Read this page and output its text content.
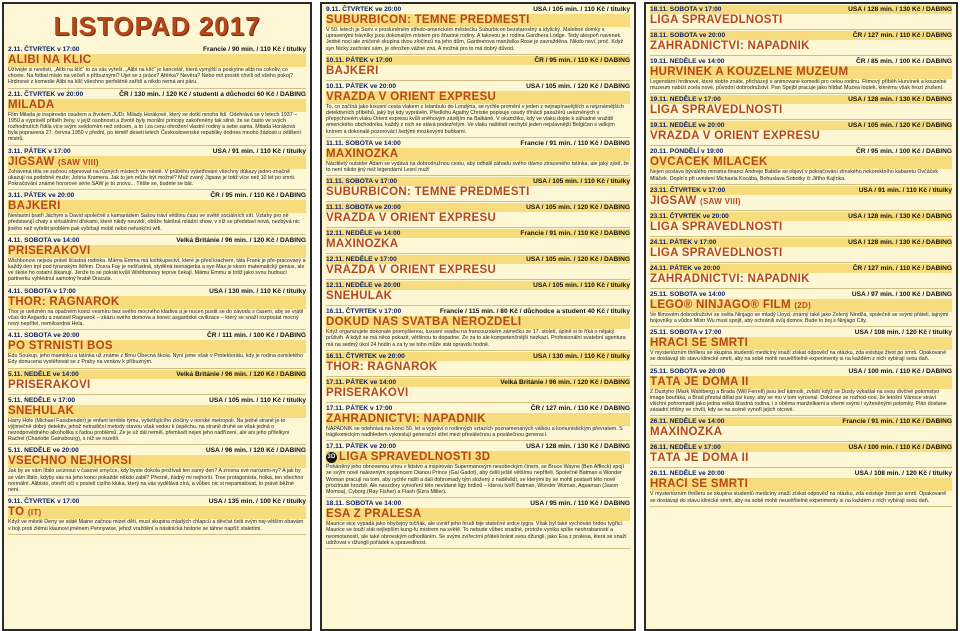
LISTOPAD 2017
2.11. ČTVRTEK v 17:00	Francie / 90 min. / 110 Kč / titulky
ALIBI NA KLÍČ
Užívejte si nevěstí, „Alibi na klíč“ to za vás vyřeší. „Alibi na klíč“ je kancelář, která vymýšlí a poskytne alibi na cokoliv, co chcete. Na fotbal místo na večeři s příbuznými? Ujet se z práce? Aférka? Nevěra? Nebo mít prostě chvíli od všeho pokoj? Hrdinové z komedie Alibi na klíč všechno perfektně zařídí a nikdo nemá ani páru.
2.11. ČTVRTEK ve 20:00	ČR / 130 min. / 120 Kč / studenti a důchodci 60 Kč / DABING
MILADA
Film Milada je inspirován osudem a životem JUDr. Milady Horákové, který se dotkl mnoha lidí. Odehrává se v letech 1937 – 1950 a vyprávěl příběh ženy, v jejíž osobnosti a životě byly morální principy zakořeněny tak silně, že se často ve svých rozhodnutích řídila více svým svědomím než srdcem, a to i za cenu ohrožení vlastní rodiny a sebe sama. Milada Horáková byla popravena 27. června 1950 v přední, po téměř deseti letech Československé republiky dodnes mnoho žádosti u odlišení mistrů.
3.11. PÁTEK v 17:00	USA / 91 min. / 110 Kč / titulky
JIGSAW (SAW VIII)
Zohavená těla se začnou objevovat na různých místech ve městě. V průběhu vyšetřování všechny důkazy jedno-značně ukazují na podobně muže: Johna Kramera. Jak to jen může být možné? Muž zvaný Jigsaw je totiž více než 10 let po smrti. Pokračování známé hororové série SAW je tu znovu... Těšte se, budete se bát.
3.11. PÁTEK ve 20:00	ČR / 95 min. / 110 Kč / DABING
BAJKEŘI
Nevlastní bratři Jáchym a David společně s kamarádem Sašou tráví většinu času ve světě sociálních sítí. Vztahy pro ně představují chaty s virtuálními dívkami, které nikdy neuvidí, obtíže falešná mládní show, v níž se představí nová, nezbývá nic jiného než vyřešit problém pak vybíhají mobil nebo nefunkční wifi.
4.11. SOBOTA ve 14:00	Velká Británie / 96 min. / 120 Kč / DABING
PŘÍŠERÁKOVI
Wishbonovi nejsou právě šťastná rodinka. Máma Emma má knihkupectví, které je před krachem, táta Frank je pře-pracovaný a každý den trpí pod tyranským šéfem. Dcera Fay je nešťastná, styděná teenagerka a syn Max je skoro matematický genius, ale ve škole ho ostatní šikanují. Jenže to se pokrát kvůli Wishbonovy teprve čekají. Mámu Emmu si totiž jako svou budoucí partnerku vyhlédnul samotný hrabě Dracula.
4.11. SOBOTA v 17:00	USA / 130 min. / 110 Kč / titulky
THOR: RAGNAROK
Thor je uvězněn na opačném konci vesmíru bez svého mocného kladiva a je nucen pustit se do závodu s časem, aby se vrátil včas do Asgardu a zastavil Ragnarok – zkázu svého domova a konec asgardské civilizace – který se snaží rozpoutat mocný nový nepřítel, nemilosrdná Hela.
4.11. SOBOTA ve 20:00	ČR / 111 min. / 100 Kč / DABING
PO STRNIŠTI BOS
Edu Soukup, jeho maminku a tatínka už známe z filmu Obecná škola. Nyní jsme však v Protektorátu, kdy je rodina osmiletého Edy donucena vystěhovat se z Prahy na venkov k příbuzným.
5.11. NEDĚLE ve 14:00	Velká Británie / 96 min. / 120 Kč / DABING
PŘÍŠERÁKOVI
5.11. NEDĚLE v 17:00	USA / 105 min. / 110 Kč / titulky
SNĚHULÁK
Harry Hole (Michael Fassbender) je enfant terrible týmu, vyšetřujícího zločiny v norské metropoli. Na jedné straně je to výjimečně dobrý detektiv, jehož netradiční metody stavou však vedou k úspěchu, na straně druhé se však jedná o nezodpovědného alkoholika s řadou problémů. Ze je už dál neměl, přemluvit nejen jeho nadřízení, ale ani jeho přítelkyni Rachel (Charlotte Gainsbourg), s níž se rozešli.
5.11. NEDĚLE ve 20:00	USA / 96 min. / 120 Kč / DABING
VŠECHNO NEJHORŠÍ
Jak by se vám líbilo uvíznout v časové smyčce, kdy byste dokola prožívali ten samý den? A zrovna své narozeni-ny? A jak by se vám líbilo, kdyby vás na jeho konci pokaždé někdo zabil? Přesně, žádný mi nejhorší. Tree protagonista, holka, ten všechno normální. Alibisto, otevřít oči v postelí cizího kluka, který na vás vydělává zírá, a vůbec nic si nepamatovat, to právě běžné není.
9.11. ČTVRTEK v 17:00	USA / 135 min. / 100 Kč / titulky
TO (IT)
Když ve městě Derry ve státě Maine začnou mizet děti, musí skupina mladých chlapců a děvčat čelit svým nej-větším obavám v boji proti zlému klaunovi jménem Pennywise, jehož vraždění a násilnická historie se táhne napříč staletími.
9.11. ČTVRTEK ve 20:00	USA / 105 min. / 110 Kč / titulky
SUBURBICON: TEMNÉ PŘEDMĚSTÍ
V 50. letech je Suriv v prosluněném středo-americkém městečku Suburbicon bezstarostný a idylický. Malebné domky s upravenými trávníky jsou dokonalým místem pro šťastné rodiny. A takovou je i rodina Gardnera Lodge. Tedy alespoň navenek. Jedné noci ale zničeně skupina dvou zločinců na jeho dům, Gardnerova manželka Rose je zavražděna. Nikdo neví, proč. Když syn Nicky zachrání sám, je ohrožen vážné zná. A možná pro to má dobrý důvod.
10.11. PÁTEK v 17:00	ČR / 95 min. / 110 Kč / DABING
BAJKEŘI
10.11. PÁTEK ve 20:00	USA / 105 min. / 120 Kč / DABING
VRAŽDA V ORIENT EXPRESU
To, co začíná jako luxusní cesta vlakem z Istanbulu do Londýna, se rychle promění v jeden z nejnapínavějších a nejznámějších detektivních příběhů, jaký byl kdy vyprávěn. Předlohu Agathy Christie popisuje osudy třinácti pasažérů uvězněných v přepychovém vlaku Orient expresu kvůli sněhovým závějím na Balkáně. V okamžiku, kdy ve vlaku dojde k záhadné vraždě amerického obchodníka, každý z nich se stává podezřelým. Ve vlaku naštěstí nechybí jeden nejslavnější Belgičan s velkým knírem a dokonalé pozorovácí šedými mozkovými buňkami.
11.11. SOBOTA ve 14:00	Francie / 91 min. / 110 Kč / DABING
MAXINOŽKA
Nácitiletý outsider Adam se vydává na dobrodružnou cestu, aby odhalil záhadu svého dávno ztraceného tatínka, ale jaký zjistí, že to není nikdo jiný než legendární Lesní muž!
11.11. SOBOTA v 17:00	USA / 105 min. / 110 Kč / titulky
SUBURBICON: TEMNÉ PŘEDMĚSTÍ
11.11. SOBOTA ve 20:00	USA / 105 min. / 120 Kč / DABING
VRAŽDA V ORIENT EXPRESU
12.11. NEDĚLE ve 14:00	Francie / 91 min. / 110 Kč / DABING
MAXINOŽKA
12.11. NEDĚLE v 17:00	USA / 105 min. / 120 Kč / DABING
VRAŽDA V ORIENT EXPRESU
12.11. NEDĚLE ve 20:00	USA / 105 min. / 110 Kč / titulky
SNĚHULÁK
16.11. ČTVRTEK v 17:00	Francie / 115 min. / 80 Kč / důchodce a student 40 Kč / titulky
DOKUD NÁS SVATBA NEROZDĚLÍ
Když organizujete dokonale promyšlenou, luxusní svatbu na francouzském zámečku ze 17. století, úplně si to říká o nějaký průšvih. A když se má něco pokazit, většinou to dopadne. Ze za to ale kompetenčnější nezkazí. Profesionální svatební agentura má na sedmý úkol 24 hodin a za ty se toho může stát opravdu hodně.
16.11. ČTVRTEK ve 20:00	USA / 130 min. / 110 Kč / titulky
THOR: RAGNAROK
17.11. PÁTEK ve 14:00	Velká Británie / 96 min. / 120 Kč / DABING
PŘÍŠERÁKOVI
17.11. PÁTEK v 17:00	ČR / 127 min. / 110 Kč / DABING
ZAHRADNICTVÍ: NÁPADNÍK
NÁPADNÍK se odehrává na konci 50. let a vypráví o rodinných vztazích poznamenaných válkou a komunistickým převratem. S tragikomickým nadhledem vykreslují generační střet mezi převálečnou a poválečnou generací.
17.11. PÁTEK ve 20:00	USA / 128 min. / 130 Kč / DABING
3D LIGA SPRAVEDLNOSTI 3D
Poháněný jeho obnovenou vírou v lidstvo a inspirován Supermanovým nesobeckým činem, se Bruce Wayne (Ben Affleck) spojí se svým nově nalezeným spojencem Dianou Prince (Gal Gadot), aby čelili ještě většímu nepříteli. Společně Batman a Wonder Woman pracují na tom, aby rychle našli a dali dohromady tým složený z naděvlidí, se kterými by se mohli postavit této nově procitnuté hrozbě. Ale navzdory vytvoření této nevídané ligy hrdinů – kterou tvoří Batman, Wonder Woman, Aquaman (Jason Momoa), Cyborg (Ray Fisher) a Flash (Ezra Miller).
18.11. SOBOTA ve 14:00	USA / 95 min. / 110 Kč / DABING
ESA Z PRALESA
Maurice sice vypadá jako obyčejný tučňák, ale uvnitř jeho hrudi bije statečné srdce tygra. Však byl také vychován hrdou tygřicí. Maurice se touží stát nejlepším kung-fu mistrem na světě. To nebude vůbec snadné, protože vynika spíše neohrabaností a neomotaností, ale také obrovským odhodláním. Se svými zvířecími přáteli bránit svou džungli, jako Esa z pralesa, která se snaží udržovat v džungli pořádek a spravedlnost.
18.11. SOBOTA v 17:00	USA / 128 min. / 130 Kč / DABING
LIGA SPRAVEDLNOSTI
18.11. SOBOTA ve 20:00	ČR / 127 min. / 110 Kč / DABING
ZAHRADNICTVÍ: NÁPADNÍK
19.11. NEDĚLE ve 14:00	ČR / 85 min. / 100 Kč / DABING
HURVÍNEK A KOUZELNÉ MUZEUM
Legendární hrdinové, které dobře znáte, přicházejí s animované komedii pro celou rodinu. Filmový příběh Hurvínek a kouzelné muzeum nabízí zcela nové, původní dobrodružství. Pan Spejbl pracuje jako hlídač Muzea loutek, kterému však hrozí zrušení.
19.11. NEDĚLE v 17:00	USA / 128 min. / 130 Kč / DABING
LIGA SPRAVEDLNOSTI
19.11. NEDĚLE ve 20:00	USA / 105 min. / 120 Kč / DABING
VRAŽDA V ORIENT EXPRESU
20.11. PONDĚLÍ v 19:00	ČR / 95 min. / 100 Kč / DABING
OVČÁČEK MILÁČEK
Nejen postava bývalého ministra financí Andreje Babiše se objeví v pokračování zlínského nekorektního kabaretu Ovčáček Mláček. Dopln's při uvedení Michaela Kocába, Bohuslava Sobotky či Jiřího Kajínka.
23.11. ČTVRTEK v 17:00	USA / 91 min. / 110 Kč / titulky
JIGSAW (SAW VIII)
23.11. ČTVRTEK ve 20:00	USA / 128 min. / 130 Kč / DABING
LIGA SPRAVEDLNOSTI
24.11. PÁTEK v 17:00	USA / 128 min. / 130 Kč / DABING
LIGA SPRAVEDLNOSTI
24.11. PÁTEK ve 20:00	ČR / 127 min. / 110 Kč / DABING
ZAHRADNICTVÍ: NÁPADNÍK
25.11. SOBOTA ve 14:00	USA / 97 min. / 100 Kč / DABING
LEGO® NINJAGO® FILM (2D)
Ve filmovém dobrodružství se světa Ninjago se mladý Lloyd, známý také jako Zelený Nindža, společně se svými přáteli, tajnými bojovníky a vůdce Mistr Wu musí spojit, aby ochránili svůj domov. Bude to boj s Ninjago City.
25.11. SOBOTA v 17:00	USA / 108 min. / 120 Kč / titulky
HRÁČI SE SMRTÍ
V mysteriózním thrilleru se skupina studentů medicíny snaží získat odpověď na otázku, zda existuje život po smrti. Opakovaně se dostávají do stavu klinické smrti, aby na sobě mohli neuvěřitelně experimenty si na každém z nich vybírají svou daň.
25.11. SOBOTA ve 20:00	USA / 100 min. / 110 Kč / DABING
TÁTA JE DOMA II
Z Dustyho (Mark Wahlberg) a Brada (Will Ferrell) jsou teď kámoši, zvlášť když se Dusty vykašlal na svou dívčivé potomstvo image bouřáka, a Brad přestal dělat psí kusy, aby se mu v tom vyrovnal. Dokonce se rozhod-nou, že letošní Vánoce stráví všichni pohromadě jako jedna velká šťastná rodina, i s oběma manželkami a všemi svými i vyženěnými potomky. Plán dostane zásadní trhliny ve chvíli, kdy se na scéně vynoří jejich otcové.
26.11. NEDĚLE ve 14:00	Francie / 91 min. / 110 Kč / DABING
MAXINOŽKA
26.11. NEDĚLE v 17:00	USA / 100 min. / 110 Kč / DABING
TÁTA JE DOMA II
26.11. NEDĚLE ve 20:00	USA / 108 min. / 120 Kč / titulky
HRÁČI SE SMRTÍ
V mysteriózním thrilleru se skupina studentů medicíny snaží získat odpověď na otázku, zda existuje život po smrti. Opakovaně se dostávají do stavu klinické smrti, aby na sobě mohli neuvěřitelně experimenty si na každém z nich vybírají svou daň.
